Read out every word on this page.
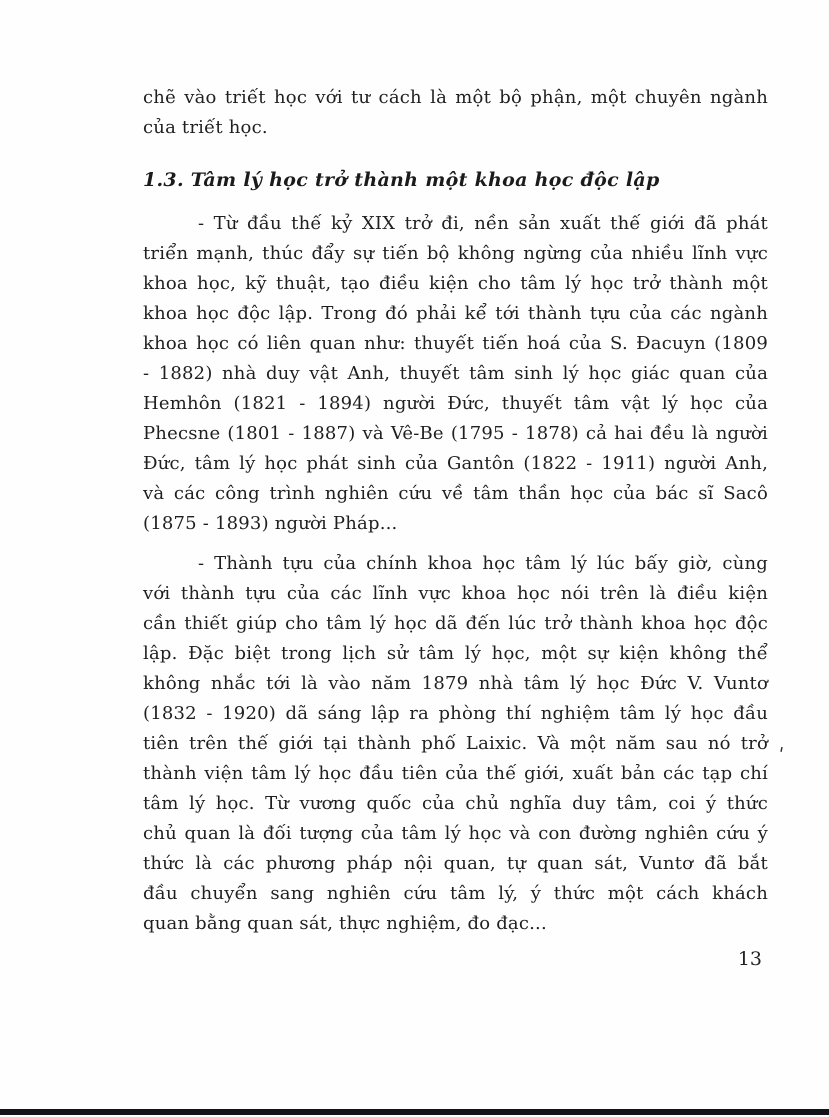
chẽ vào triết học với tư cách là một bộ phận, một chuyên ngành
của triết học.
1.3. Tâm lý học trở thành một khoa học độc lập
- Từ đầu thế kỷ XIX trở đi, nền sản xuất thế giới đã phát
triển mạnh, thúc đẩy sự tiến bộ không ngừng của nhiều lĩnh vực
khoa học, kỹ thuật, tạo điều kiện cho tâm lý học trở thành một
khoa học độc lập. Trong đó phải kể tới thành tựu của các ngành
khoa học có liên quan như: thuyết tiến hoá của S. Đacuyn (1809
- 1882) nhà duy vật Anh, thuyết tâm sinh lý học giác quan của
Hemhôn (1821 - 1894) người Đức, thuyết tâm vật lý học của
Phecsne (1801 - 1887) và Vê-Be (1795 - 1878) cả hai đều là người
Đức, tâm lý học phát sinh của Gantôn (1822 - 1911) người Anh,
và các công trình nghiên cứu về tâm thần học của bác sĩ Sacô
(1875 - 1893) người Pháp...
- Thành tựu của chính khoa học tâm lý lúc bấy giờ, cùng
với thành tựu của các lĩnh vực khoa học nói trên là điều kiện
cần thiết giúp cho tâm lý học dã đến lúc trở thành khoa học độc
lập. Đặc biệt trong lịch sử tâm lý học, một sự kiện không thể
không nhắc tới là vào năm 1879 nhà tâm lý học Đức V. Vuntơ
(1832 - 1920) dã sáng lập ra phòng thí nghiệm tâm lý học đầu
tiên trên thế giới tại thành phố Laixic. Và một năm sau nó trở
thành viện tâm lý học đầu tiên của thế giới, xuất bản các tạp chí
tâm lý học. Từ vương quốc của chủ nghĩa duy tâm, coi ý thức
chủ quan là đối tượng của tâm lý học và con đường nghiên cứu ý
thức là các phương pháp nội quan, tự quan sát, Vuntơ đã bắt
đầu chuyển sang nghiên cứu tâm lý, ý thức một cách khách
quan bằng quan sát, thực nghiệm, đo đạc...
'
13
